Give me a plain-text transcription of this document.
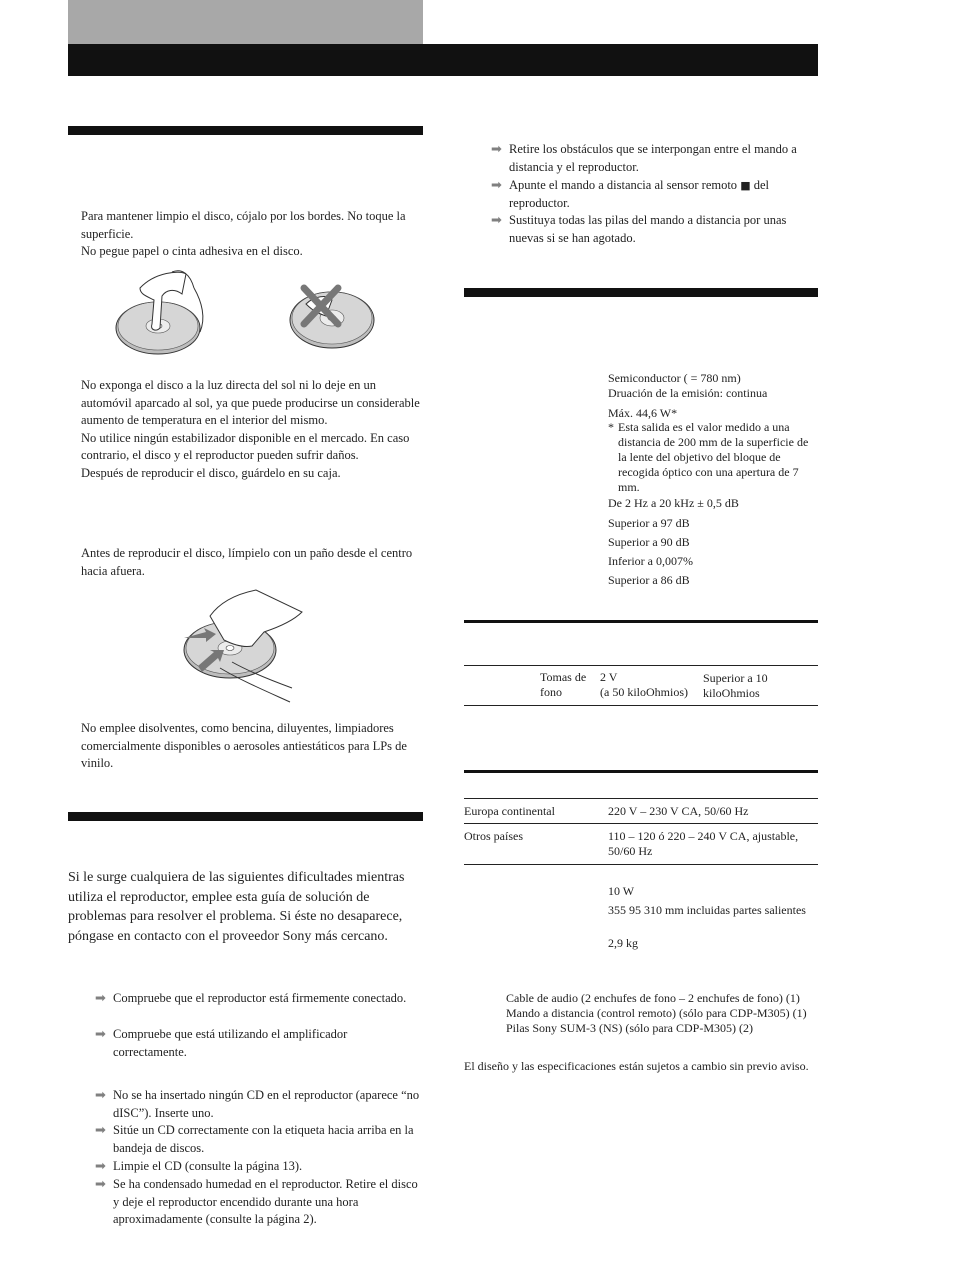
Para mantener limpio el disco, cójalo por los bordes. No toque la superficie.

No pegue papel o cinta adhesiva en el disco.

No exponga el disco a la luz directa del sol ni lo deje en un automóvil aparcado al sol, ya que puede producirse un considerable aumento de temperatura en el interior del mismo.

No utilice ningún estabilizador disponible en el mercado. En caso contrario, el disco y el reproductor pueden sufrir daños.

Después de reproducir el disco, guárdelo en su caja.

Antes de reproducir el disco, límpielo con un paño desde el centro hacia afuera.

No emplee disolventes, como bencina, diluyentes, limpiadores comercialmente disponibles o aerosoles antiestáticos para LPs de vinilo.

Si le surge cualquiera de las siguientes dificultades mientras utiliza el reproductor, emplee esta guía de solución de problemas para resolver el problema. Si éste no desaparece, póngase en contacto con el proveedor Sony más cercano.

➡ Compruebe que el reproductor está firmemente conectado.
➡ Compruebe que está utilizando el amplificador correctamente.
➡ No se ha insertado ningún CD en el reproductor (aparece “no dISC”). Inserte uno.
➡ Sitúe un CD correctamente con la etiqueta hacia arriba en la bandeja de discos.
➡ Limpie el CD (consulte la página 13).
➡ Se ha condensado humedad en el reproductor. Retire el disco y deje el reproductor encendido durante una hora aproximadamente (consulte la página 2).
➡ Retire los obstáculos que se interpongan entre el mando a distancia y el reproductor.
➡ Apunte el mando a distancia al sensor remoto ■ del reproductor.
➡ Sustituya todas las pilas del mando a distancia por unas nuevas si se han agotado.
Semiconductor ( = 780 nm)
Druación de la emisión: continua
Máx. 44,6 W*
* Esta salida es el valor medido a una distancia de 200 mm de la superficie de la lente del objetivo del bloque de recogida óptico con una apertura de 7 mm.
De 2 Hz a 20 kHz ± 0,5 dB
Superior a 97 dB
Superior a 90 dB
Inferior a 0,007%
Superior a 86 dB
Tomas de fono
2 V
(a 50 kiloOhmios)
Superior a 10 kiloOhmios
Europa continental	220 V – 230 V CA, 50/60 Hz
Otros países	110 – 120 ó 220 – 240 V CA, ajustable, 50/60 Hz
10 W
355 95 310 mm incluidas partes salientes
2,9 kg
Cable de audio (2 enchufes de fono – 2 enchufes de fono) (1)
Mando a distancia (control remoto) (sólo para CDP-M305) (1)
Pilas Sony SUM-3 (NS) (sólo para CDP-M305) (2)
El diseño y las especificaciones están sujetos a cambio sin previo aviso.
